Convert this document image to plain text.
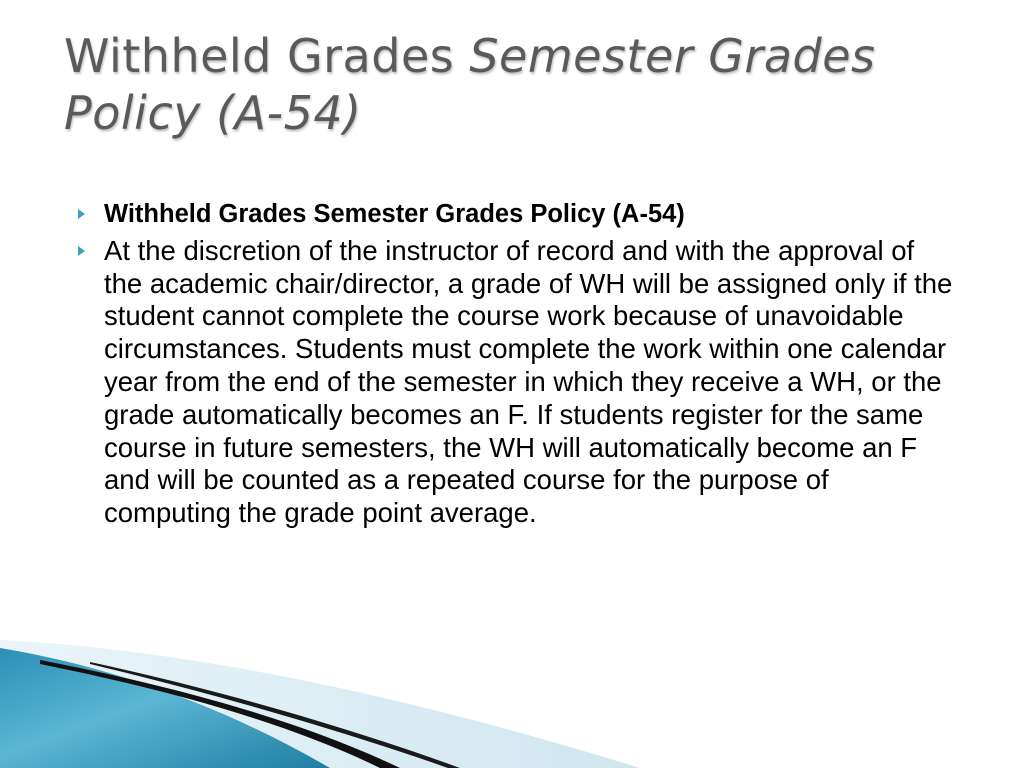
Withheld Grades Semester Grades Policy (A-54)
Withheld Grades Semester Grades Policy (A-54)
At the discretion of the instructor of record and with the approval of the academic chair/director, a grade of WH will be assigned only if the student cannot complete the course work because of unavoidable circumstances. Students must complete the work within one calendar year from the end of the semester in which they receive a WH, or the grade automatically becomes an F. If students register for the same course in future semesters, the WH will automatically become an F and will be counted as a repeated course for the purpose of computing the grade point average.
